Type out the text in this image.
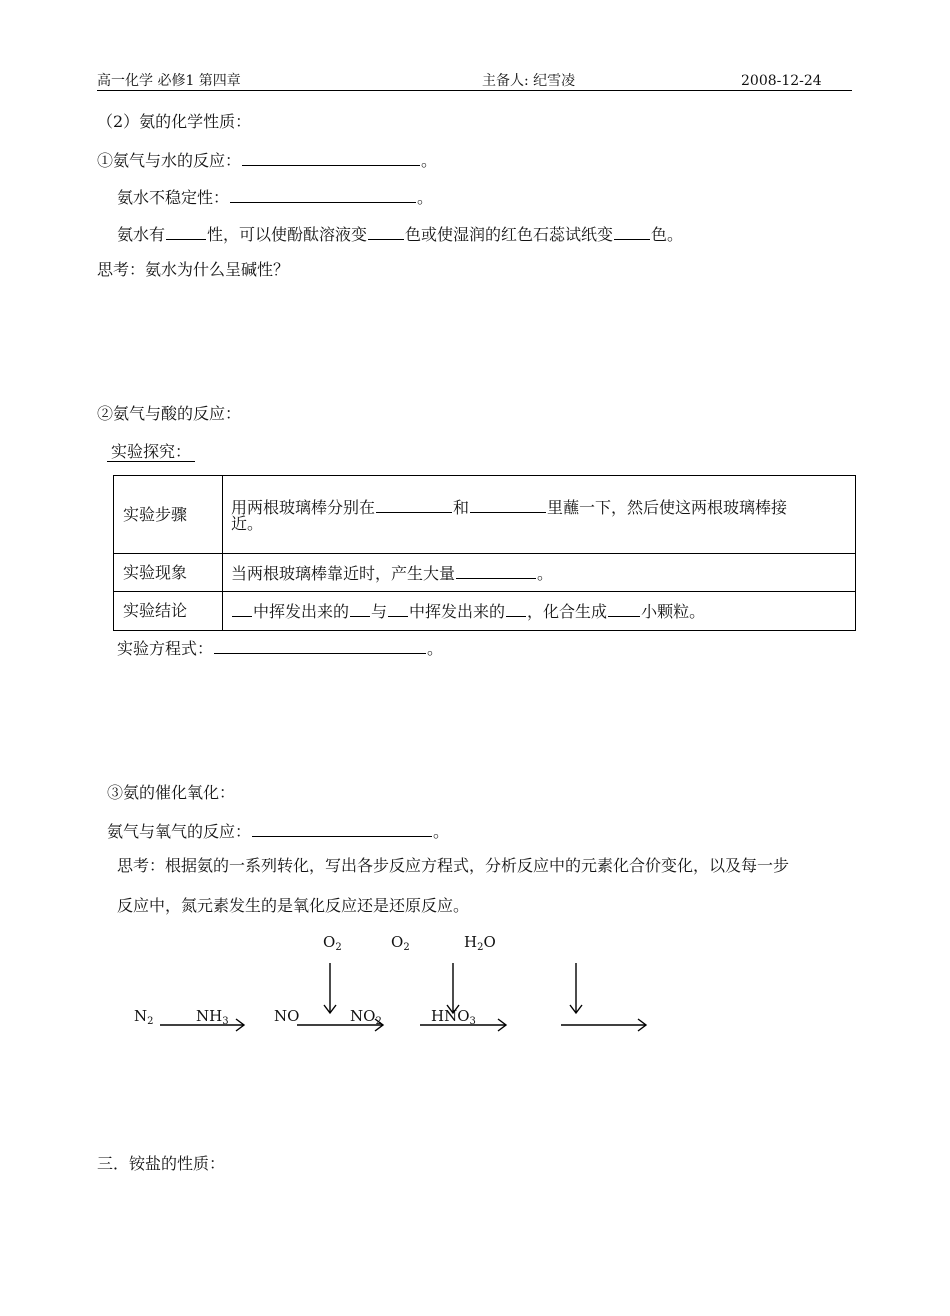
高一化学 必修1 第四章	主备人: 纪雪凌	2008-12-24
（2）氨的化学性质：
①氨气与水的反应：	。
氨水不稳定性：	。
氨水有	性，可以使酚酞溶液变 色或使湿润的红色石蕊试纸变 色。
思考：氨水为什么呈碱性？
②氨气与酸的反应：
实验探究：
实验步骤	用两根玻璃棒分别在 和 里蘸一下，然后使这两根玻璃棒接
近。
实验现象	当两根玻璃棒靠近时，产生大量 。
实验结论	中挥发出来的 与 中挥发出来的 ，化合生成 小颗粒。
实验方程式：	。
③氨的催化氧化：
氨气与氧气的反应：	。
思考：根据氨的一系列转化，写出各步反应方程式，分析反应中的元素化合价变化，以及每一步
反应中，氮元素发生的是氧化反应还是还原反应。
$O_2$	$O_2$	$H_2O$
$N_2$	$NH_3$	NO	$NO_2$	$HNO_3$
三．铵盐的性质：
